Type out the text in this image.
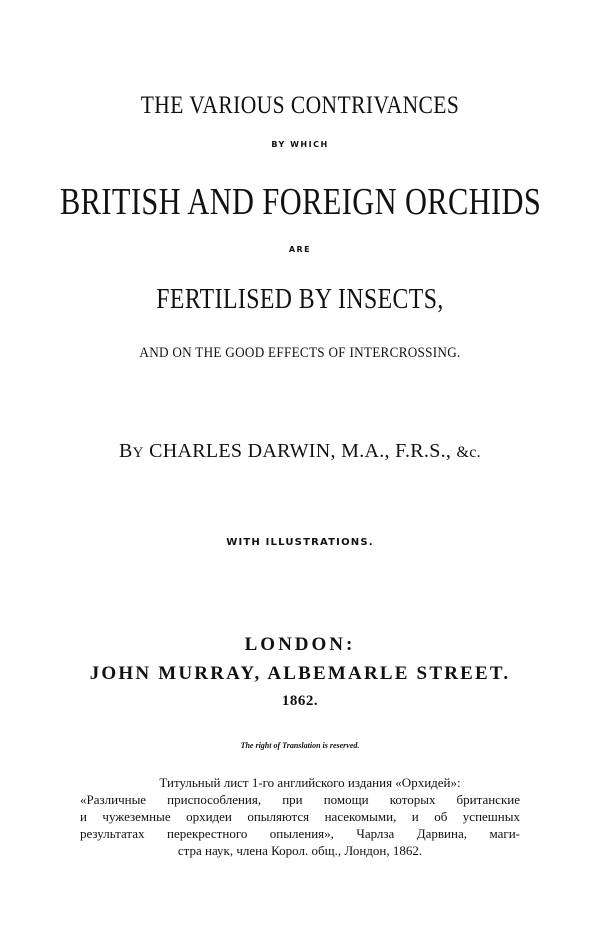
THE VARIOUS CONTRIVANCES

BY WHICH

BRITISH AND FOREIGN ORCHIDS

ARE

FERTILISED BY INSECTS,

AND ON THE GOOD EFFECTS OF INTERCROSSING.

BY CHARLES DARWIN, M.A., F.R.S., &c.

WITH ILLUSTRATIONS.

LONDON:

JOHN MURRAY, ALBEMARLE STREET.

1862.

The right of Translation is reserved.

Титульный лист 1-го английского издания «Орхидей»:
«Различные приспособления, при помощи которых британские
и чужеземные орхидеи опыляются насекомыми, и об успешных
результатах перекрестного опыления», Чарлза Дарвина, маги-
стра наук, члена Корол. общ., Лондон, 1862.
